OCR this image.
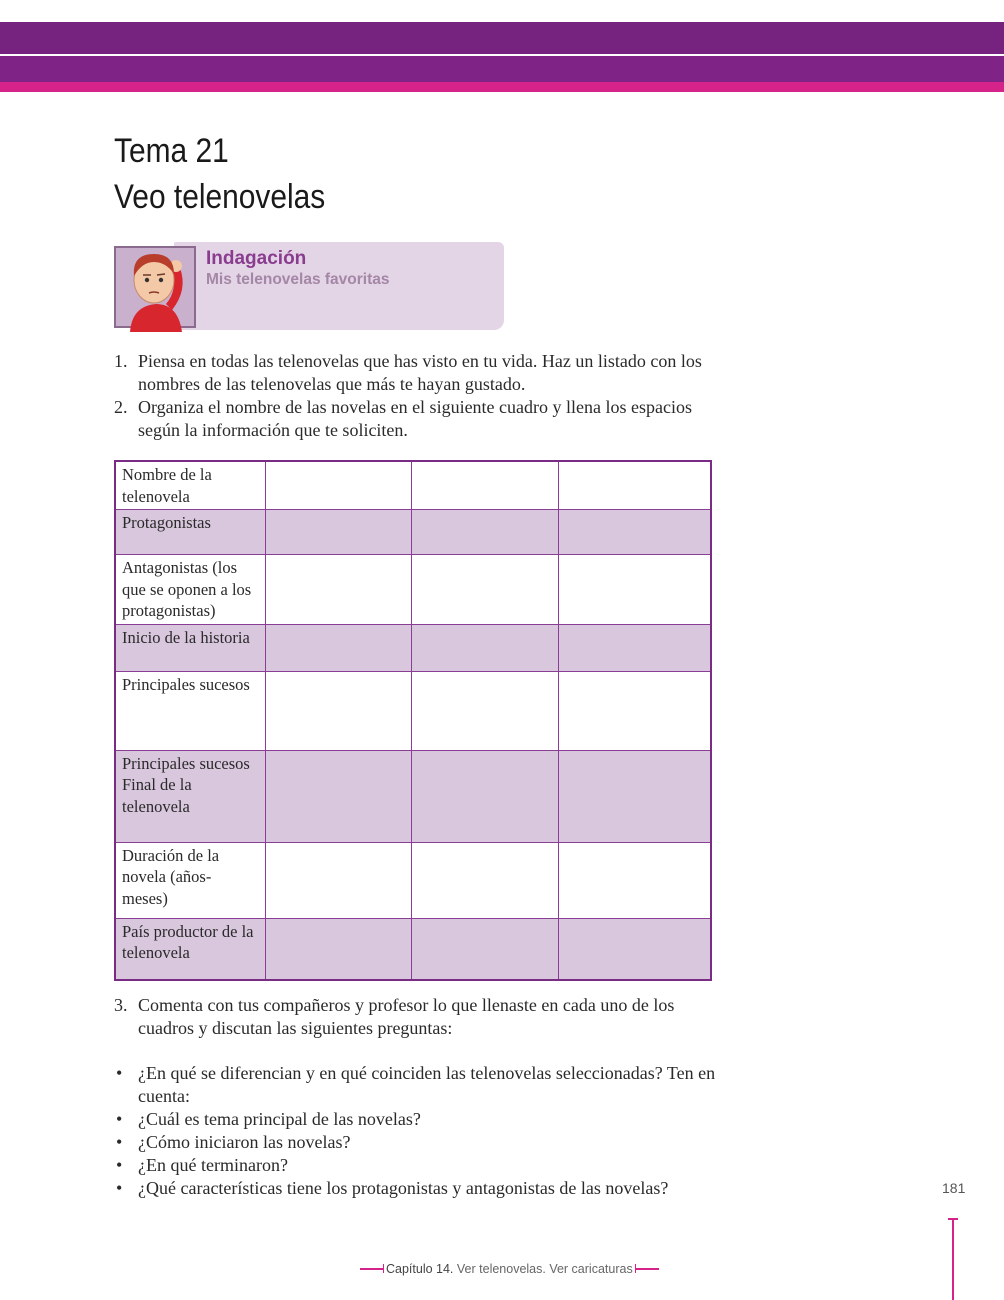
Tema 21
Veo telenovelas
Indagación
Mis telenovelas favoritas
1. Piensa en todas las telenovelas que has visto en tu vida. Haz un listado con los nombres de las telenovelas que más te hayan gustado.
2. Organiza el nombre de las novelas en el siguiente cuadro y llena los espacios según la información que te soliciten.
Nombre de la telenovela			
Protagonistas			
Antagonistas (los que se oponen a los protagonistas)			
Inicio de la historia			
Principales sucesos			
Principales sucesos Final de la telenovela			
Duración de la novela (años- meses)			
País productor de la telenovela			
3. Comenta con tus compañeros y profesor lo que llenaste en cada uno de los cuadros y discutan las siguientes preguntas:
• ¿En qué se diferencian y en qué coinciden las telenovelas seleccionadas? Ten en cuenta:
• ¿Cuál es tema principal de las novelas?
• ¿Cómo iniciaron las novelas?
• ¿En qué terminaron?
• ¿Qué características tiene los protagonistas y antagonistas de las novelas?	181
Capítulo 14. Ver telenovelas. Ver caricaturas
